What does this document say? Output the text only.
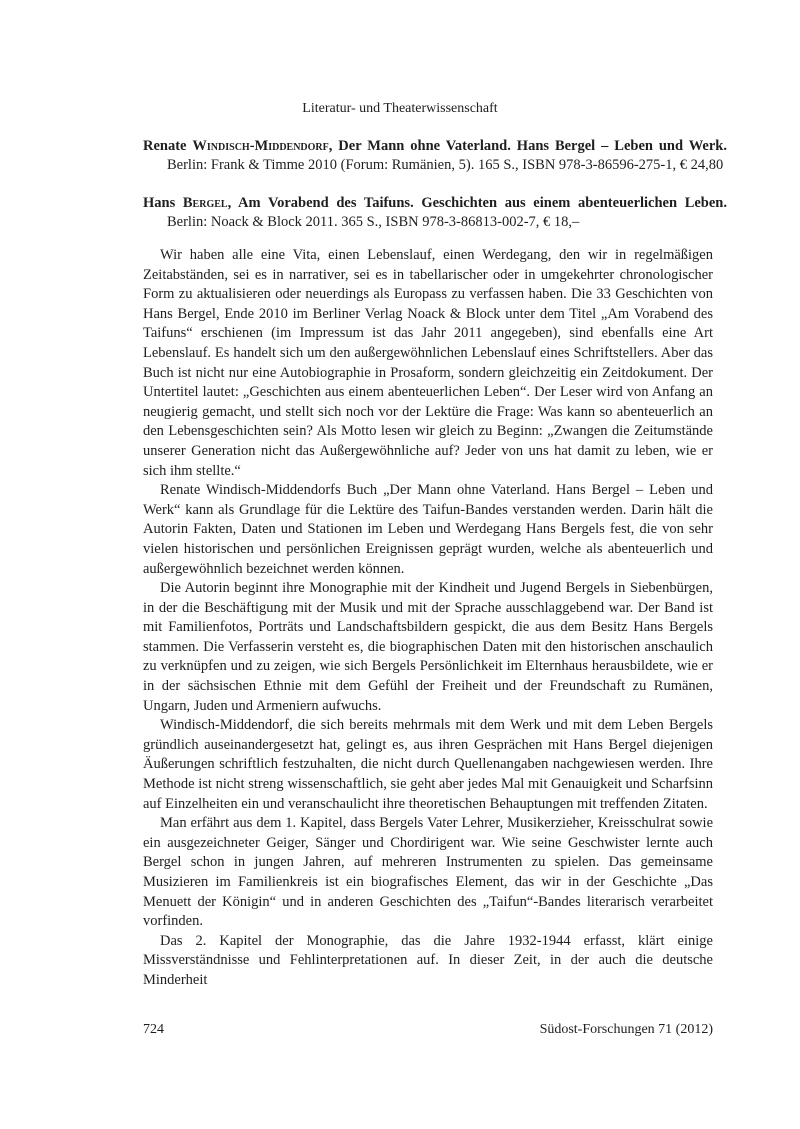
Literatur- und Theaterwissenschaft
Renate Windisch-Middendorf, Der Mann ohne Vaterland. Hans Bergel – Leben und Werk. Berlin: Frank & Timme 2010 (Forum: Rumänien, 5). 165 S., ISBN 978-3-86596-275-1, € 24,80
Hans Bergel, Am Vorabend des Taifuns. Geschichten aus einem abenteuerlichen Leben. Berlin: Noack & Block 2011. 365 S., ISBN 978-3-86813-002-7, € 18,–

Wir haben alle eine Vita, einen Lebenslauf, einen Werdegang, den wir in regelmäßigen Zeitabständen, sei es in narrativer, sei es in tabellarischer oder in umgekehrter chronologischer Form zu aktualisieren oder neuerdings als Europass zu verfassen haben. Die 33 Geschichten von Hans Bergel, Ende 2010 im Berliner Verlag Noack & Block unter dem Titel „Am Vorabend des Taifuns“ erschienen (im Impressum ist das Jahr 2011 angegeben), sind ebenfalls eine Art Lebenslauf. Es handelt sich um den außergewöhnlichen Lebenslauf eines Schriftstellers. Aber das Buch ist nicht nur eine Autobiographie in Prosaform, sondern gleichzeitig ein Zeitdokument. Der Untertitel lautet: „Geschichten aus einem abenteuerlichen Leben“. Der Leser wird von Anfang an neugierig gemacht, und stellt sich noch vor der Lektüre die Frage: Was kann so abenteuerlich an den Lebensgeschichten sein? Als Motto lesen wir gleich zu Beginn: „Zwangen die Zeitumstände unserer Generation nicht das Außergewöhnliche auf? Jeder von uns hat damit zu leben, wie er sich ihm stellte.“

Renate Windisch-Middendorfs Buch „Der Mann ohne Vaterland. Hans Bergel – Leben und Werk“ kann als Grundlage für die Lektüre des Taifun-Bandes verstanden werden. Darin hält die Autorin Fakten, Daten und Stationen im Leben und Werdegang Hans Bergels fest, die von sehr vielen historischen und persönlichen Ereignissen geprägt wurden, welche als abenteuerlich und außergewöhnlich bezeichnet werden können.

Die Autorin beginnt ihre Monographie mit der Kindheit und Jugend Bergels in Siebenbürgen, in der die Beschäftigung mit der Musik und mit der Sprache ausschlaggebend war. Der Band ist mit Familienfotos, Porträts und Landschaftsbildern gespickt, die aus dem Besitz Hans Bergels stammen. Die Verfasserin versteht es, die biographischen Daten mit den historischen anschaulich zu verknüpfen und zu zeigen, wie sich Bergels Persönlichkeit im Elternhaus herausbildete, wie er in der sächsischen Ethnie mit dem Gefühl der Freiheit und der Freundschaft zu Rumänen, Ungarn, Juden und Armeniern aufwuchs.

Windisch-Middendorf, die sich bereits mehrmals mit dem Werk und mit dem Leben Bergels gründlich auseinandergesetzt hat, gelingt es, aus ihren Gesprächen mit Hans Bergel diejenigen Äußerungen schriftlich festzuhalten, die nicht durch Quellenangaben nachgewiesen werden. Ihre Methode ist nicht streng wissenschaftlich, sie geht aber jedes Mal mit Genauigkeit und Scharfsinn auf Einzelheiten ein und veranschaulicht ihre theoretischen Behauptungen mit treffenden Zitaten.

Man erfährt aus dem 1. Kapitel, dass Bergels Vater Lehrer, Musikerzieher, Kreisschulrat sowie ein ausgezeichneter Geiger, Sänger und Chordirigent war. Wie seine Geschwister lernte auch Bergel schon in jungen Jahren, auf mehreren Instrumenten zu spielen. Das gemeinsame Musizieren im Familienkreis ist ein biografisches Element, das wir in der Geschichte „Das Menuett der Königin“ und in anderen Geschichten des „Taifun“-Bandes literarisch verarbeitet vorfinden.

Das 2. Kapitel der Monographie, das die Jahre 1932-1944 erfasst, klärt einige Missverständnisse und Fehlinterpretationen auf. In dieser Zeit, in der auch die deutsche Minderheit

724	Südost-Forschungen 71 (2012)
